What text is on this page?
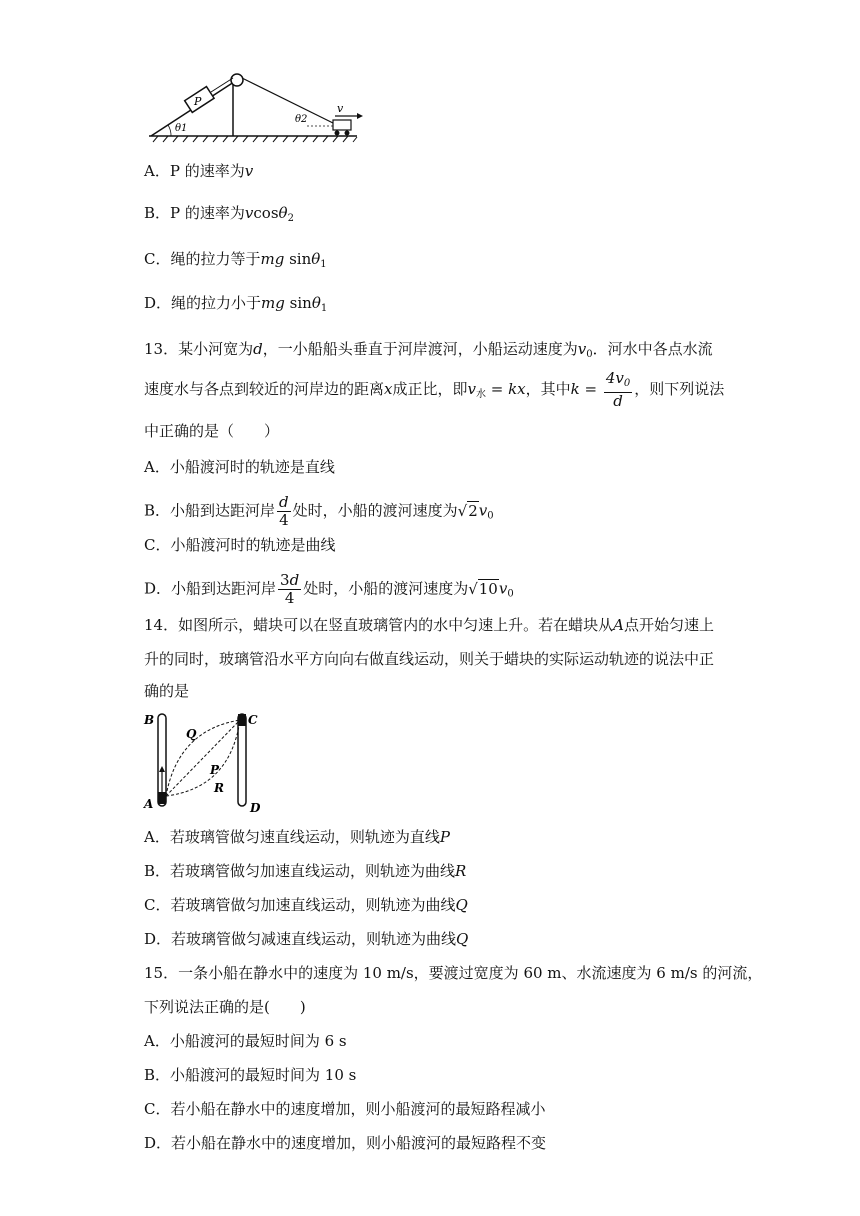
P
v
θ1
θ2
A．P 的速率为v
B．P 的速率为vcosθ$_2$
C．绳的拉力等于mg sinθ$_1$
D．绳的拉力小于mg sinθ$_1$
13．某小河宽为d，一小船船头垂直于河岸渡河，小船运动速度为$v_0$．河水中各点水流
速度水与各点到较近的河岸边的距离x成正比，即$v_水$ = kx，其中$k = \frac{4v_0}{d}$ ，则下列说法
中正确的是（　　）
A．小船渡河时的轨迹是直线
B．小船到达距河岸 $\frac{d}{4}$ 处时，小船的渡河速度为$√2v_0$
C．小船渡河时的轨迹是曲线
D．小船到达距河岸 $\frac{3d}{4}$ 处时，小船的渡河速度为$√10v_0$
14．如图所示，蜡块可以在竖直玻璃管内的水中匀速上升。若在蜡块从A点开始匀速上
升的同时，玻璃管沿水平方向向右做直线运动，则关于蜡块的实际运动轨迹的说法中正
确的是
B	C
Q
P
R
A	D
A．若玻璃管做匀速直线运动，则轨迹为直线P
B．若玻璃管做匀加速直线运动，则轨迹为曲线R
C．若玻璃管做匀加速直线运动，则轨迹为曲线Q
D．若玻璃管做匀减速直线运动，则轨迹为曲线Q
15．一条小船在静水中的速度为 10 m/s，要渡过宽度为 60 m、水流速度为 6 m/s 的河流，
下列说法正确的是(　　)
A．小船渡河的最短时间为 6 s
B．小船渡河的最短时间为 10 s
C．若小船在静水中的速度增加，则小船渡河的最短路程减小
D．若小船在静水中的速度增加，则小船渡河的最短路程不变
